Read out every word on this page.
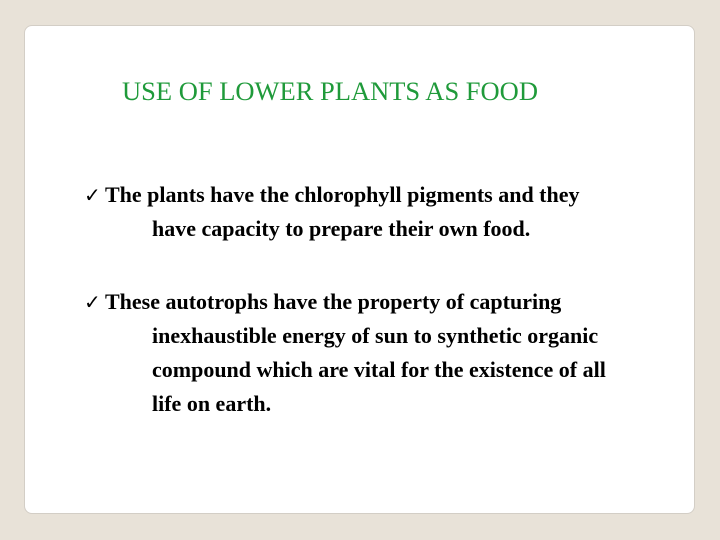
USE OF LOWER PLANTS AS FOOD

✓ The plants have the chlorophyll pigments and they
have capacity to prepare their own food.

✓ These autotrophs have the property of capturing
inexhaustible energy of sun to synthetic organic
compound which are vital for the existence of all
life on earth.
